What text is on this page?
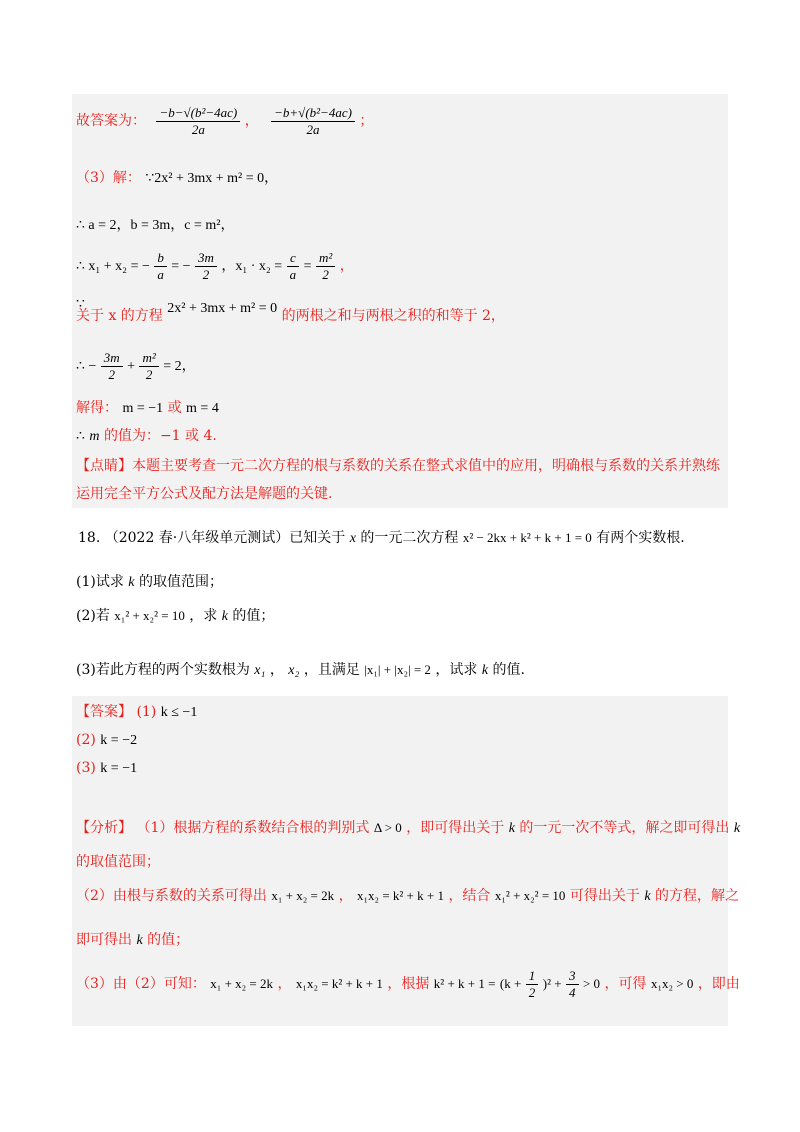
故答案为： $\frac{\text{−b−√(b²−4ac)}}{2a}$ ， $\frac{\text{−b+√(b²−4ac)}}{2a}$ ；
（3）解： ∵2x² + 3mx + m² = 0，
∴ a = 2，b = 3m，c = m²，
∴ x₁ + x₂ = − $\frac{b}{a}$ = − $\frac{3m}{2}$ ，$x_1 \cdot x_2 = \frac{c}{a} = \frac{\text{m²}}{2}$ ，
∵
关于 x 的方程 2x² + 3mx + m² = 0 的两根之和与两根之积的和等于 2，
∴ − $\frac{3m}{2} + \frac{\text{m²}}{2} = 2$，
解得： m = −1 或 m = 4
∴ m 的值为：−1 或 4.
【点睛】本题主要考查一元二次方程的根与系数的关系在整式求值中的应用，明确根与系数的关系并熟练
运用完全平方公式及配方法是解题的关键.
18. （2022 春·八年级单元测试）已知关于 x 的一元二次方程 x² − 2kx + k² + k + 1 = 0 有两个实数根.
(1)试求 k 的取值范围；
(2)若 x₁² + x₂² = 10 ，求 k 的值；
(3)若此方程的两个实数根为 x₁ ， x₂ ，且满足 |x₁| + |x₂| = 2 ，试求 k 的值.
【答案】 (1) k ≤ −1
(2) k = −2
(3) k = −1
【分析】 （1）根据方程的系数结合根的判别式 Δ > 0 ，即可得出关于 k 的一元一次不等式，解之即可得出 k
的取值范围；
（2）由根与系数的关系可得出 x₁ + x₂ = 2k ， x₁x₂ = k² + k + 1 ，结合 x₁² + x₂² = 10 可得出关于 k 的方程，解之
即可得出 k 的值；
（3）由（2）可知： x₁ + x₂ = 2k ， x₁x₂ = k² + k + 1 ，根据 $k^2 + k + 1 = (k + \frac{1}{2} )^2 + \frac{3}{4} > 0$ ，可得 x₁x₂ > 0 ，即由
